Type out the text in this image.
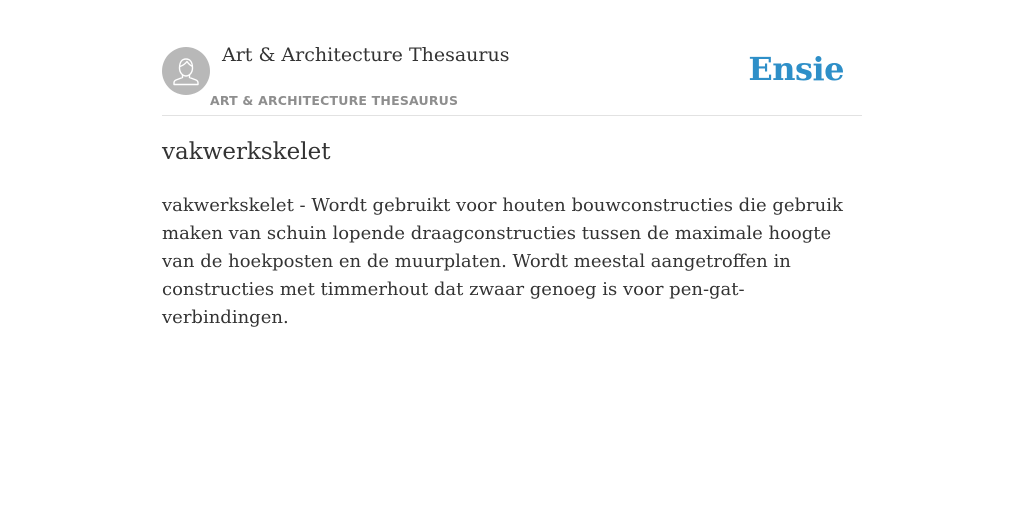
Art & Architecture Thesaurus
ART & ARCHITECTURE THESAURUS
Ensie
vakwerkskelet

vakwerkskelet - Wordt gebruikt voor houten bouwconstructies die gebruik maken van schuin lopende draagconstructies tussen de maximale hoogte van de hoekposten en de muurplaten. Wordt meestal aangetroffen in constructies met timmerhout dat zwaar genoeg is voor pen-gat-verbindingen.
